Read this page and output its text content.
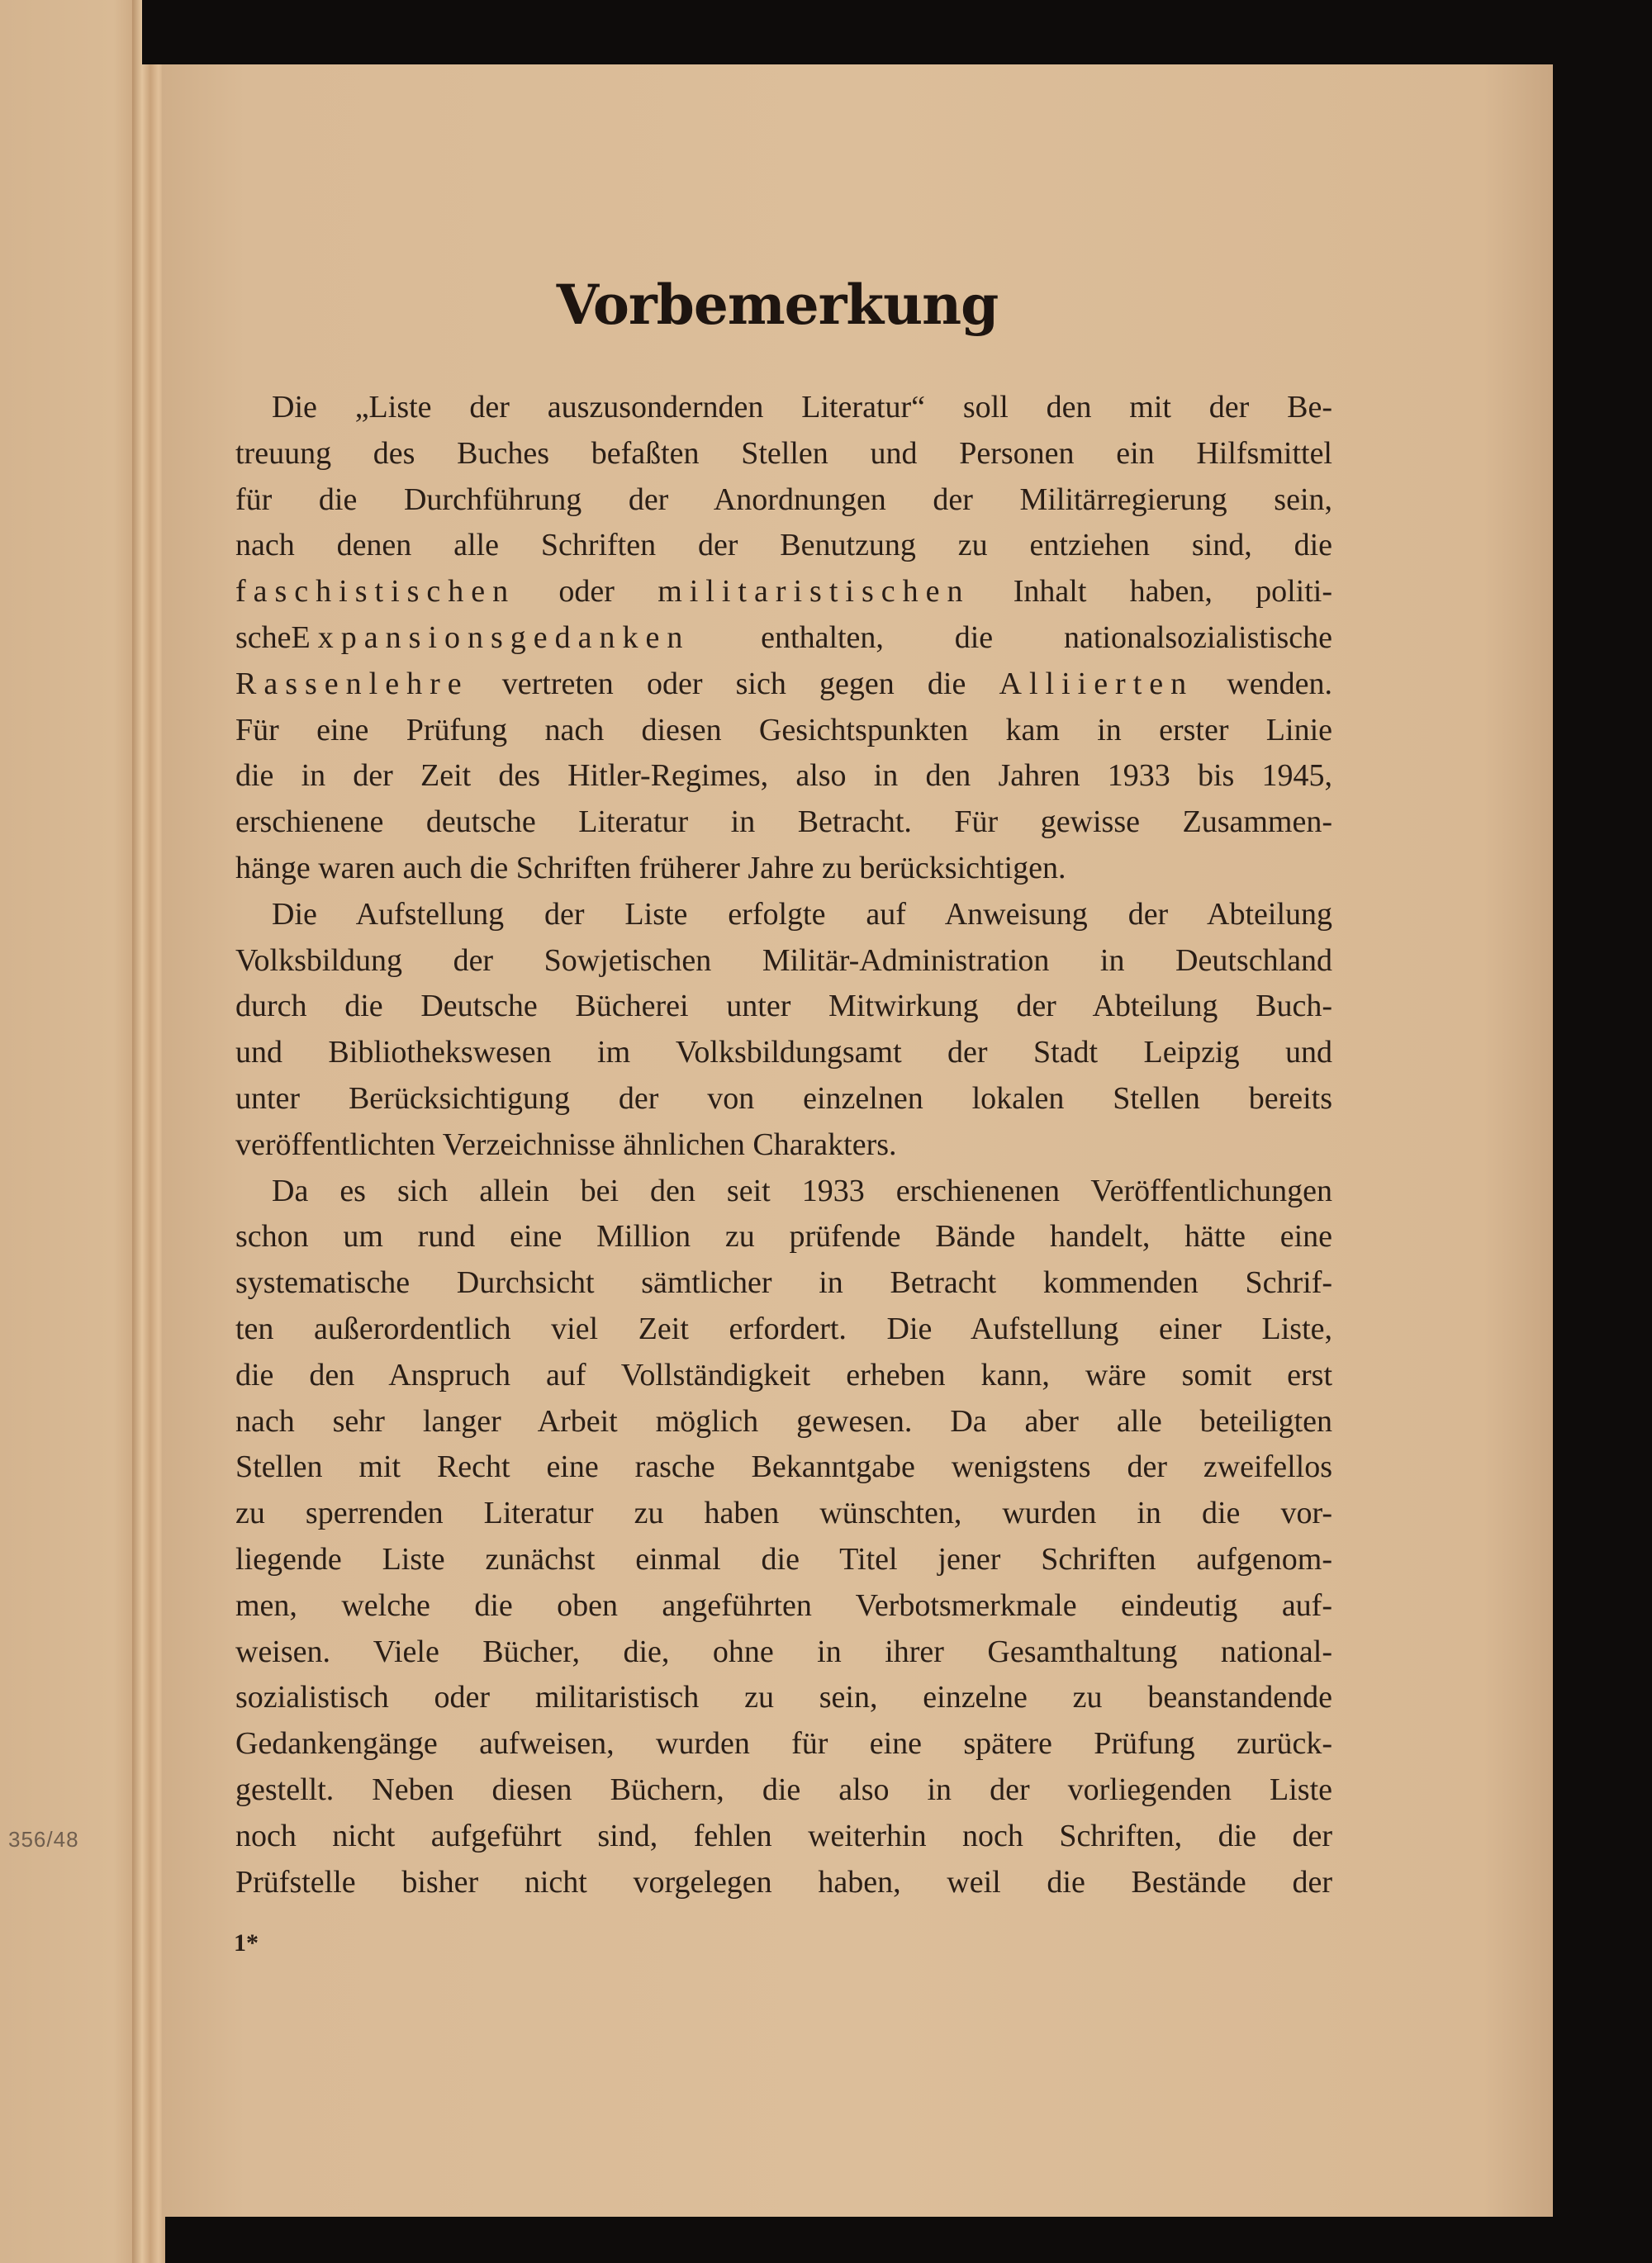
356/48
Vorbemerkung
Die „Liste der auszusondernden Literatur“ soll den mit der Be-
treuung des Buches befaßten Stellen und Personen ein Hilfsmittel
für die Durchführung der Anordnungen der Militärregierung sein,
nach denen alle Schriften der Benutzung zu entziehen sind, die
faschistischen oder militaristischen Inhalt haben, politi-
scheExpansionsgedanken enthalten, die nationalsozialistische
Rassenlehre vertreten oder sich gegen die Alliierten wenden.
Für eine Prüfung nach diesen Gesichtspunkten kam in erster Linie
die in der Zeit des Hitler-Regimes, also in den Jahren 1933 bis 1945,
erschienene deutsche Literatur in Betracht. Für gewisse Zusammen-
hänge waren auch die Schriften früherer Jahre zu berücksichtigen.
Die Aufstellung der Liste erfolgte auf Anweisung der Abteilung
Volksbildung der Sowjetischen Militär-Administration in Deutschland
durch die Deutsche Bücherei unter Mitwirkung der Abteilung Buch-
und Bibliothekswesen im Volksbildungsamt der Stadt Leipzig und
unter Berücksichtigung der von einzelnen lokalen Stellen bereits
veröffentlichten Verzeichnisse ähnlichen Charakters.
Da es sich allein bei den seit 1933 erschienenen Veröffentlichungen
schon um rund eine Million zu prüfende Bände handelt, hätte eine
systematische Durchsicht sämtlicher in Betracht kommenden Schrif-
ten außerordentlich viel Zeit erfordert. Die Aufstellung einer Liste,
die den Anspruch auf Vollständigkeit erheben kann, wäre somit erst
nach sehr langer Arbeit möglich gewesen. Da aber alle beteiligten
Stellen mit Recht eine rasche Bekanntgabe wenigstens der zweifellos
zu sperrenden Literatur zu haben wünschten, wurden in die vor-
liegende Liste zunächst einmal die Titel jener Schriften aufgenom-
men, welche die oben angeführten Verbotsmerkmale eindeutig auf-
weisen. Viele Bücher, die, ohne in ihrer Gesamthaltung national-
sozialistisch oder militaristisch zu sein, einzelne zu beanstandende
Gedankengänge aufweisen, wurden für eine spätere Prüfung zurück-
gestellt. Neben diesen Büchern, die also in der vorliegenden Liste
noch nicht aufgeführt sind, fehlen weiterhin noch Schriften, die der
Prüfstelle bisher nicht vorgelegen haben, weil die Bestände der
1*
